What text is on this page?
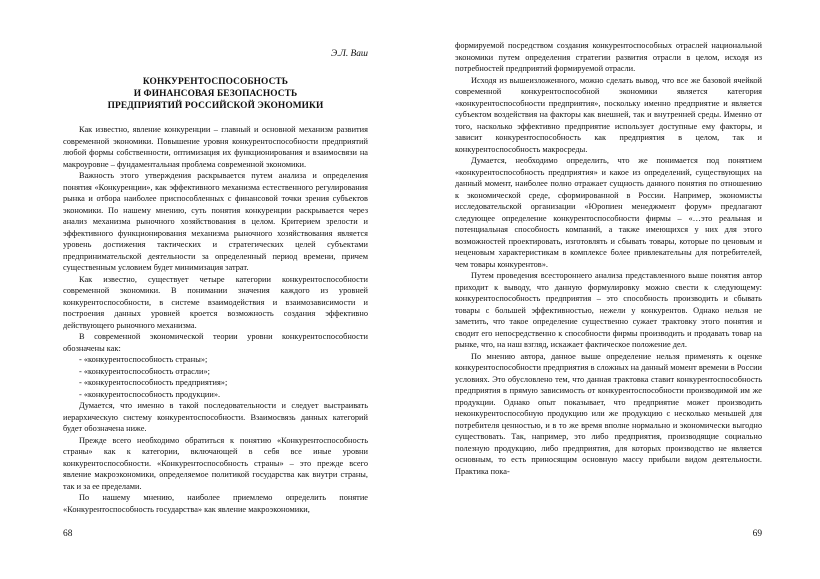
Э.Л. Ваш
КОНКУРЕНТОСПОСОБНОСТЬ
И ФИНАНСОВАЯ БЕЗОПАСНОСТЬ
ПРЕДПРИЯТИЙ РОССИЙСКОЙ ЭКОНОМИКИ

Как известно, явление конкуренции – главный и основной механизм развития современной экономики. Повышение уровня конкурентоспособности предприятий любой формы собственности, оптимизация их функционирования и взаимосвязи на макроуровне – фундаментальная проблема современной экономики.

Важность этого утверждения раскрывается путем анализа и определения понятия «Конкуренции», как эффективного механизма естественного регулирования рынка и отбора наиболее приспособленных с финансовой точки зрения субъектов экономики. По нашему мнению, суть понятия конкуренции раскрывается через анализ механизма рыночного хозяйствования в целом. Критерием зрелости и эффективного функционирования механизма рыночного хозяйствования является уровень достижения тактических и стратегических целей субъектами предпринимательской деятельности за определенный период времени, причем существенным условием будет минимизация затрат.

Как известно, существует четыре категории конкурентоспособности современной экономики. В понимании значения каждого из уровней конкурентоспособности, в системе взаимодействия и взаимозависимости и построения данных уровней кроется возможность создания эффективно действующего рыночного механизма.

В современной экономической теории уровни конкурентоспособности обозначены как:

- «конкурентоспособность страны»;

- «конкурентоспособность отрасли»;

- «конкурентоспособность предприятия»;

- «конкурентоспособность продукции».

Думается, что именно в такой последовательности и следует выстраивать иерархическую систему конкурентоспособности. Взаимосвязь данных категорий будет обозначена ниже.

Прежде всего необходимо обратиться к понятию «Конкурентоспособность страны» как к категории, включающей в себя все иные уровни конкурентоспособности. «Конкурентоспособность страны» – это прежде всего явление макроэкономики, определяемое политикой государства как внутри страны, так и за ее пределами.

По нашему мнению, наиболее приемлемо определить понятие «Конкурентоспособность государства» как явление макроэкономики,

68

формируемой посредством создания конкурентоспособных отраслей национальной экономики путем определения стратегии развития отрасли в целом, исходя из потребностей предприятий формируемой отрасли.

Исходя из вышеизложенного, можно сделать вывод, что все же базовой ячейкой современной конкурентоспособной экономики является категория «конкурентоспособности предприятия», поскольку именно предприятие и является субъектом воздействия на факторы как внешней, так и внутренней среды. Именно от того, насколько эффективно предприятие использует доступные ему факторы, и зависит конкурентоспособность как предприятия в целом, так и конкурентоспособность макросреды.

Думается, необходимо определить, что же понимается под понятием «конкурентоспособность предприятия» и какое из определений, существующих на данный момент, наиболее полно отражает сущность данного понятия по отношению к экономической среде, сформированной в России. Например, экономисты исследовательской организации «Юропиен менеджмент форум» предлагают следующее определение конкурентоспособности фирмы – «…это реальная и потенциальная способность компаний, а также имеющихся у них для этого возможностей проектировать, изготовлять и сбывать товары, которые по ценовым и неценовым характеристикам в комплексе более привлекательны для потребителей, чем товары конкурентов».

Путем проведения всестороннего анализа представленного выше понятия автор приходит к выводу, что данную формулировку можно свести к следующему: конкурентоспособность предприятия – это способность производить и сбывать товары с большей эффективностью, нежели у конкурентов. Однако нельзя не заметить, что такое определение существенно сужает трактовку этого понятия и сводит его непосредственно к способности фирмы производить и продавать товар на рынке, что, на наш взгляд, искажает фактическое положение дел.

По мнению автора, данное выше определение нельзя применять к оценке конкурентоспособности предприятия в сложных на данный момент времени в России условиях. Это обусловлено тем, что данная трактовка ставит конкурентоспособность предприятия в прямую зависимость от конкурентоспособности производимой им же продукции. Однако опыт показывает, что предприятие может производить неконкурентоспособную продукцию или же продукцию с несколько меньшей для потребителя ценностью, и в то же время вполне нормально и экономически выгодно существовать. Так, например, это либо предприятия, производящие социально полезную продукцию, либо предприятия, для которых производство не является основным, то есть приносящим основную массу прибыли видом деятельности. Практика пока-

69
